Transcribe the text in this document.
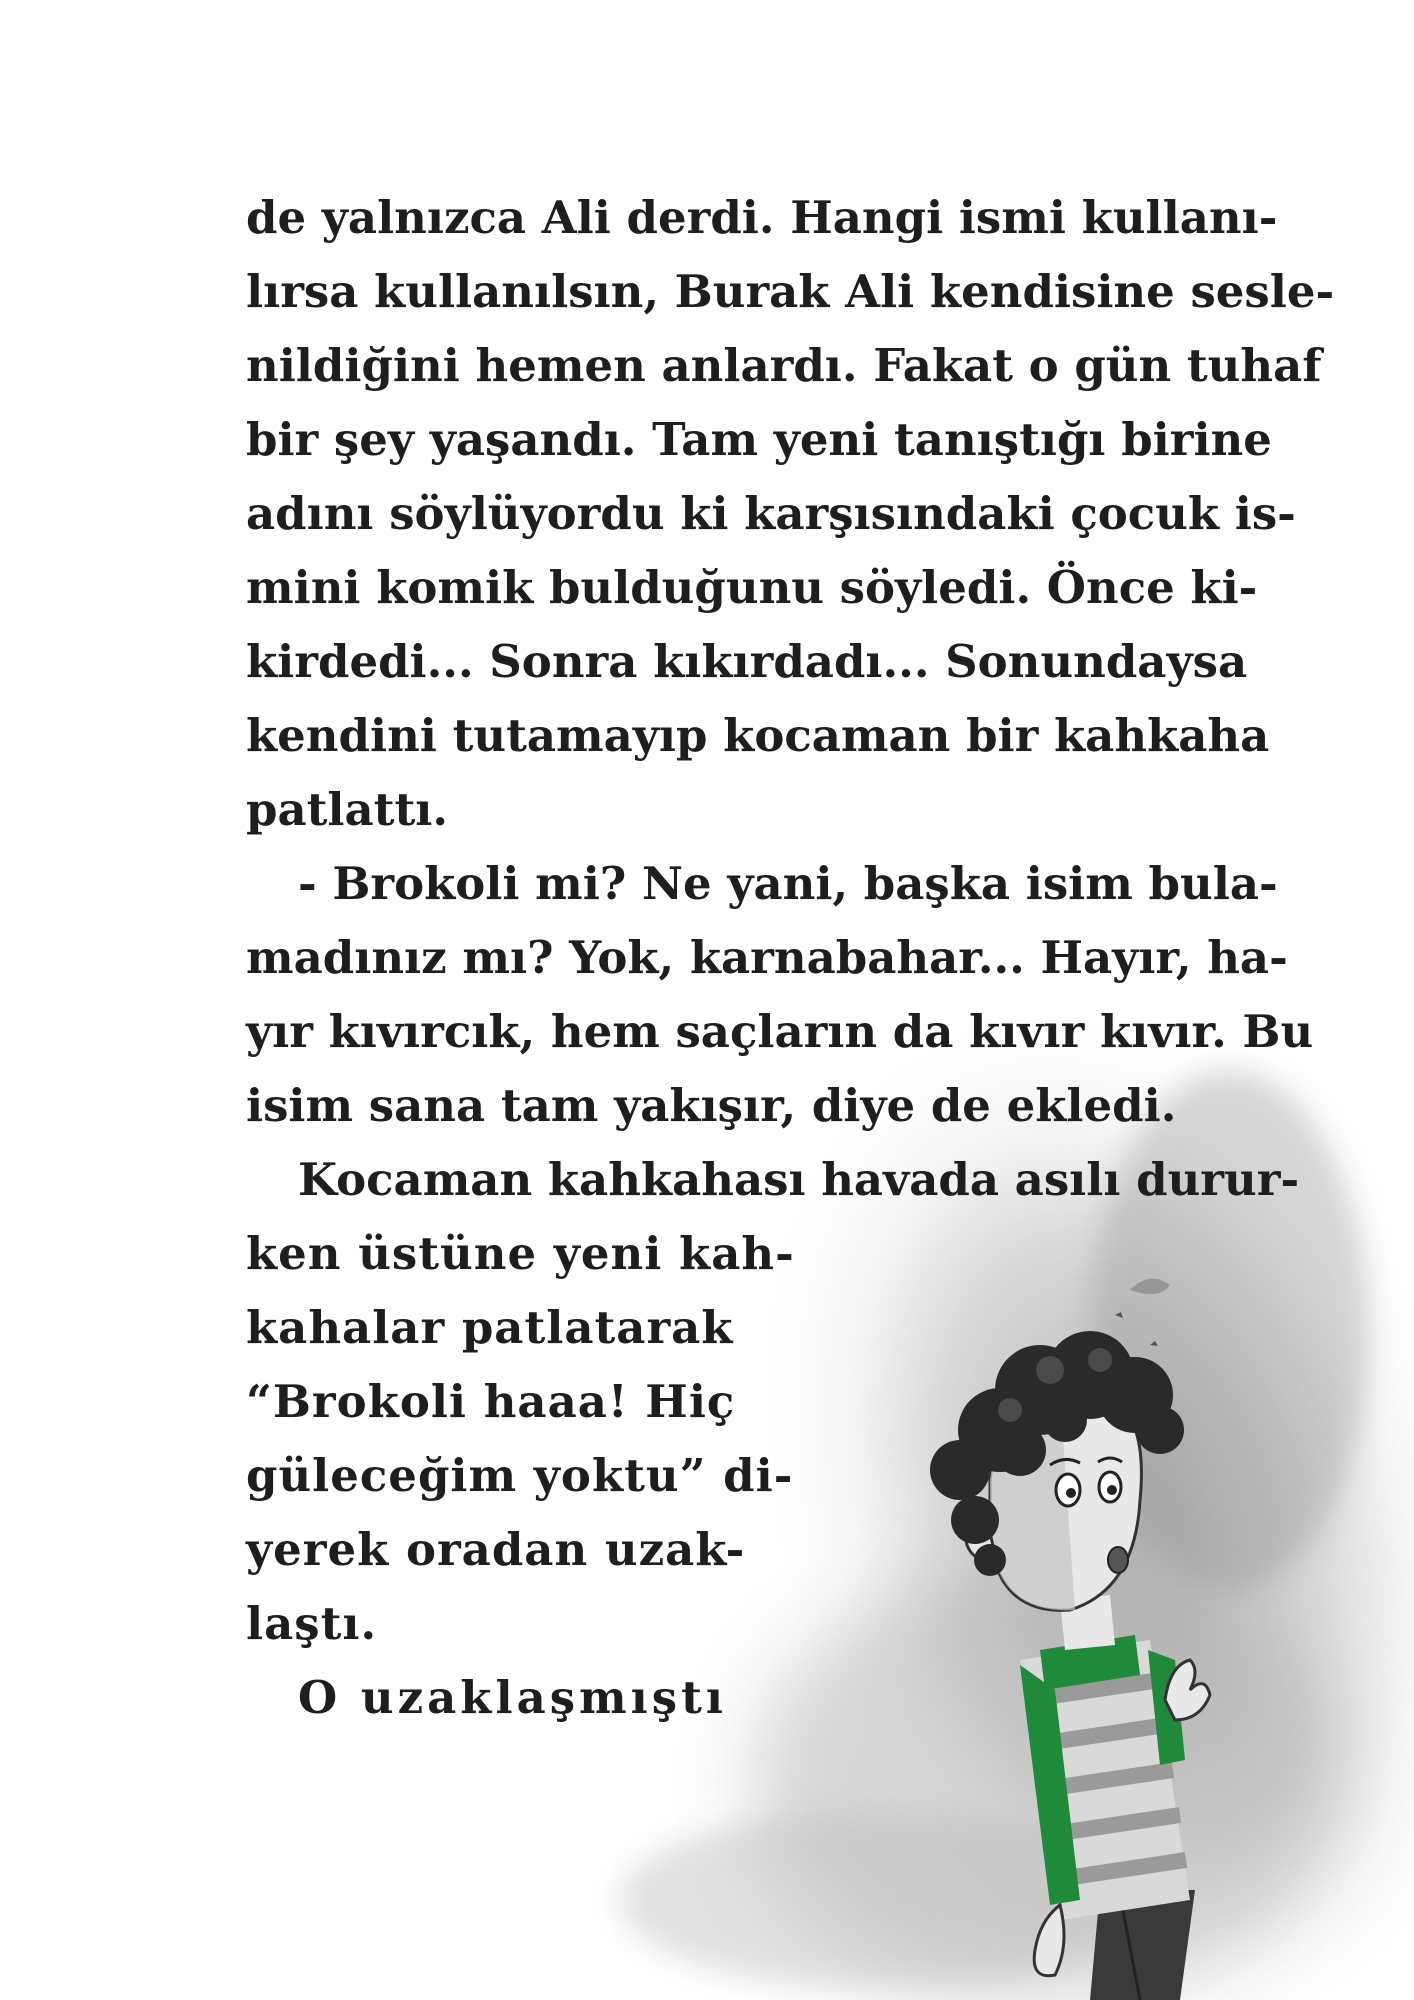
de yalnızca Ali derdi. Hangi ismi kullanı-
lırsa kullanılsın, Burak Ali kendisine sesle-
nildiğini hemen anlardı. Fakat o gün tuhaf
bir şey yaşandı. Tam yeni tanıştığı birine
adını söylüyordu ki karşısındaki çocuk is-
mini komik bulduğunu söyledi. Önce ki-
kirdedi... Sonra kıkırdadı... Sonundaysa
kendini tutamayıp kocaman bir kahkaha
patlattı.
- Brokoli mi? Ne yani, başka isim bula-
madınız mı? Yok, karnabahar... Hayır, ha-
yır kıvırcık, hem saçların da kıvır kıvır. Bu
isim sana tam yakışır, diye de ekledi.
Kocaman kahkahası havada asılı durur-
ken üstüne yeni kah-
kahalar patlatarak
“Brokoli haaa! Hiç
güleceğim yoktu” di-
yerek oradan uzak-
laştı.
O uzaklaşmıştı
